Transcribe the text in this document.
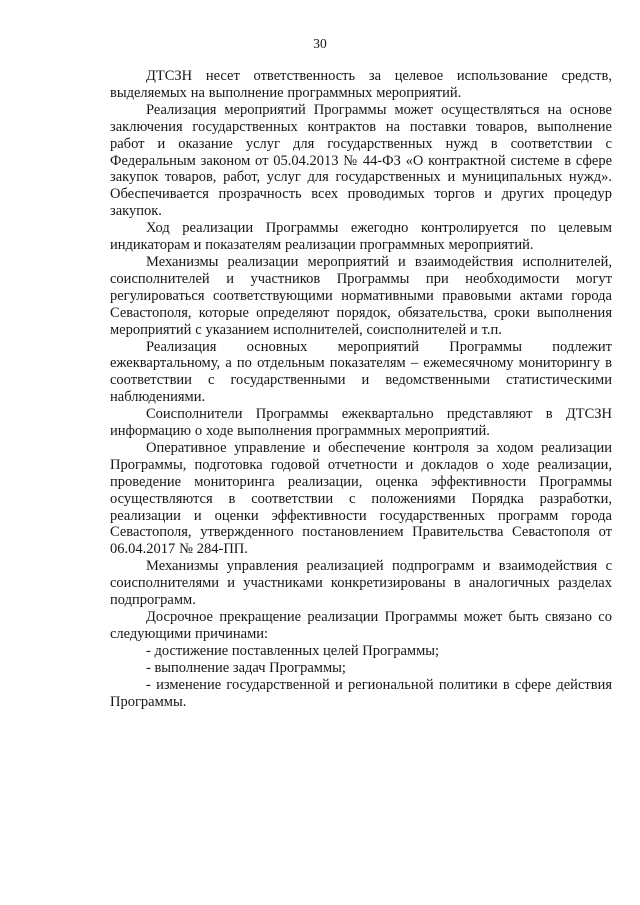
30

ДТСЗН несет ответственность за целевое использование средств, выделяемых на выполнение программных мероприятий.

Реализация мероприятий Программы может осуществляться на основе заключения государственных контрактов на поставки товаров, выполнение работ и оказание услуг для государственных нужд в соответствии с Федеральным законом от 05.04.2013 № 44-ФЗ «О контрактной системе в сфере закупок товаров, работ, услуг для государственных и муниципальных нужд». Обеспечивается прозрачность всех проводимых торгов и других процедур закупок.

Ход реализации Программы ежегодно контролируется по целевым индикаторам и показателям реализации программных мероприятий.

Механизмы реализации мероприятий и взаимодействия исполнителей, соисполнителей и участников Программы при необходимости могут регулироваться соответствующими нормативными правовыми актами города Севастополя, которые определяют порядок, обязательства, сроки выполнения мероприятий с указанием исполнителей, соисполнителей и т.п.

Реализация основных мероприятий Программы подлежит ежеквартальному, а по отдельным показателям – ежемесячному мониторингу в соответствии с государственными и ведомственными статистическими наблюдениями.

Соисполнители Программы ежеквартально представляют в ДТСЗН информацию о ходе выполнения программных мероприятий.

Оперативное управление и обеспечение контроля за ходом реализации Программы, подготовка годовой отчетности и докладов о ходе реализации, проведение мониторинга реализации, оценка эффективности Программы осуществляются в соответствии с положениями Порядка разработки, реализации и оценки эффективности государственных программ города Севастополя, утвержденного постановлением Правительства Севастополя от 06.04.2017 № 284-ПП.

Механизмы управления реализацией подпрограмм и взаимодействия с соисполнителями и участниками конкретизированы в аналогичных разделах подпрограмм.

Досрочное прекращение реализации Программы может быть связано со следующими причинами:

- достижение поставленных целей Программы;

- выполнение задач Программы;

- изменение государственной и региональной политики в сфере действия Программы.
